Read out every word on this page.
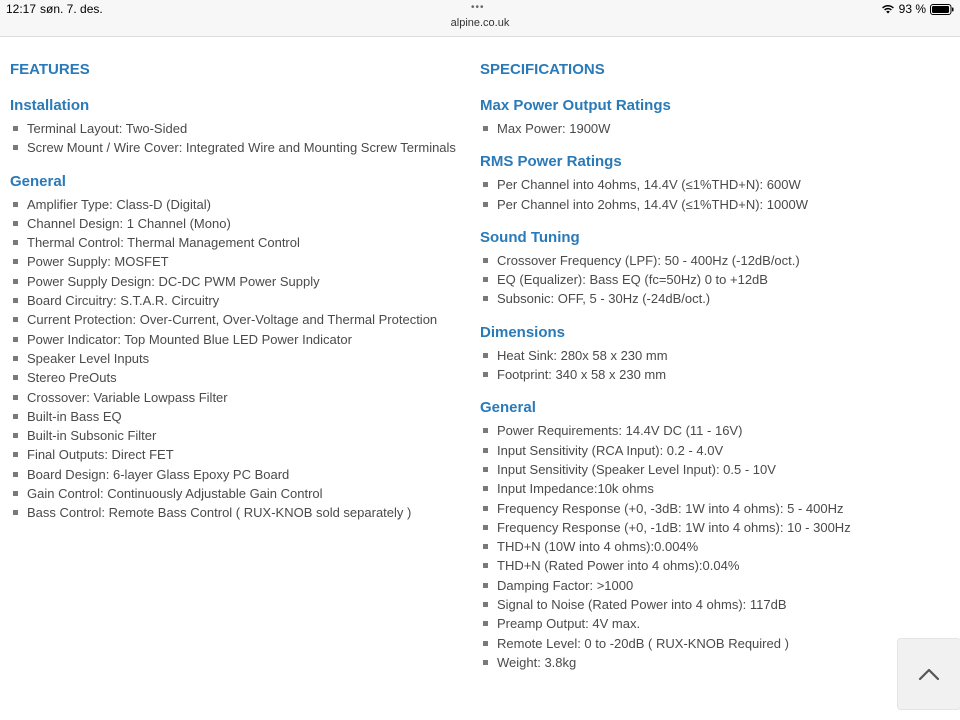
12:17 søn. 7. des.	•••
alpine.co.uk
93 %
FEATURES
Installation
Terminal Layout: Two-Sided
Screw Mount / Wire Cover: Integrated Wire and Mounting Screw Terminals
General
Amplifier Type: Class-D (Digital)
Channel Design: 1 Channel (Mono)
Thermal Control: Thermal Management Control
Power Supply: MOSFET
Power Supply Design: DC-DC PWM Power Supply
Board Circuitry: S.T.A.R. Circuitry
Current Protection: Over-Current, Over-Voltage and Thermal Protection
Power Indicator: Top Mounted Blue LED Power Indicator
Speaker Level Inputs
Stereo PreOuts
Crossover: Variable Lowpass Filter
Built-in Bass EQ
Built-in Subsonic Filter
Final Outputs: Direct FET
Board Design: 6-layer Glass Epoxy PC Board
Gain Control: Continuously Adjustable Gain Control
Bass Control: Remote Bass Control ( RUX-KNOB sold separately )
SPECIFICATIONS
Max Power Output Ratings
Max Power: 1900W
RMS Power Ratings
Per Channel into 4ohms, 14.4V (≤1%THD+N): 600W
Per Channel into 2ohms, 14.4V (≤1%THD+N): 1000W
Sound Tuning
Crossover Frequency (LPF): 50 - 400Hz (-12dB/oct.)
EQ (Equalizer): Bass EQ (fc=50Hz) 0 to +12dB
Subsonic: OFF, 5 - 30Hz (-24dB/oct.)
Dimensions
Heat Sink: 280x 58 x 230 mm
Footprint: 340 x 58 x 230 mm
General
Power Requirements: 14.4V DC (11 - 16V)
Input Sensitivity (RCA Input): 0.2 - 4.0V
Input Sensitivity (Speaker Level Input): 0.5 - 10V
Input Impedance:10k ohms
Frequency Response (+0, -3dB: 1W into 4 ohms): 5 - 400Hz
Frequency Response (+0, -1dB: 1W into 4 ohms): 10 - 300Hz
THD+N (10W into 4 ohms):0.004%
THD+N (Rated Power into 4 ohms):0.04%
Damping Factor: >1000
Signal to Noise (Rated Power into 4 ohms): 117dB
Preamp Output: 4V max.
Remote Level: 0 to -20dB ( RUX-KNOB Required )
Weight: 3.8kg
